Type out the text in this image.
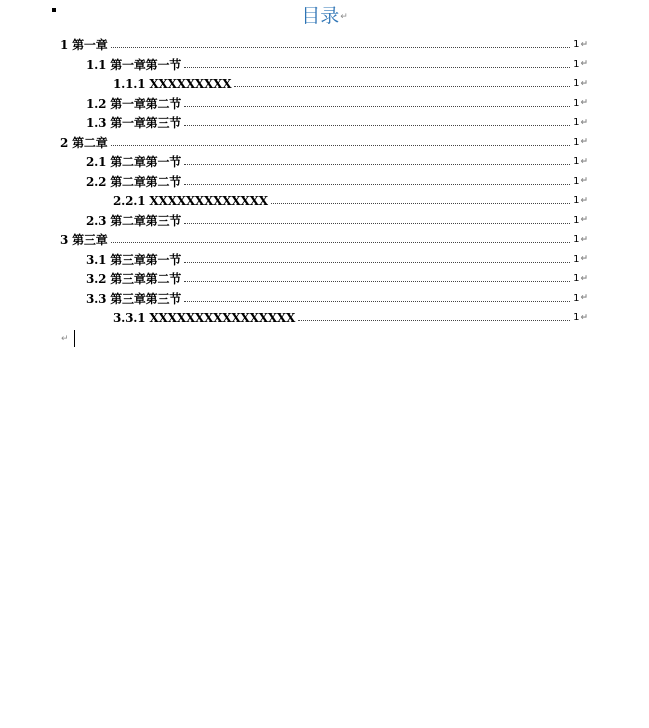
目录↵
1 第一章	1 ↵
1.1 第一章第一节	1 ↵
1.1.1 XXXXXXXXX	1 ↵
1.2 第一章第二节	1 ↵
1.3 第一章第三节	1 ↵
2 第二章	1 ↵
2.1 第二章第一节	1 ↵
2.2 第二章第二节	1 ↵
2.2.1 XXXXXXXXXXXXX	1 ↵
2.3 第二章第三节	1 ↵
3 第三章	1 ↵
3.1 第三章第一节	1 ↵
3.2 第三章第二节	1 ↵
3.3 第三章第三节	1 ↵
3.3.1 XXXXXXXXXXXXXXXX	1 ↵
↵
